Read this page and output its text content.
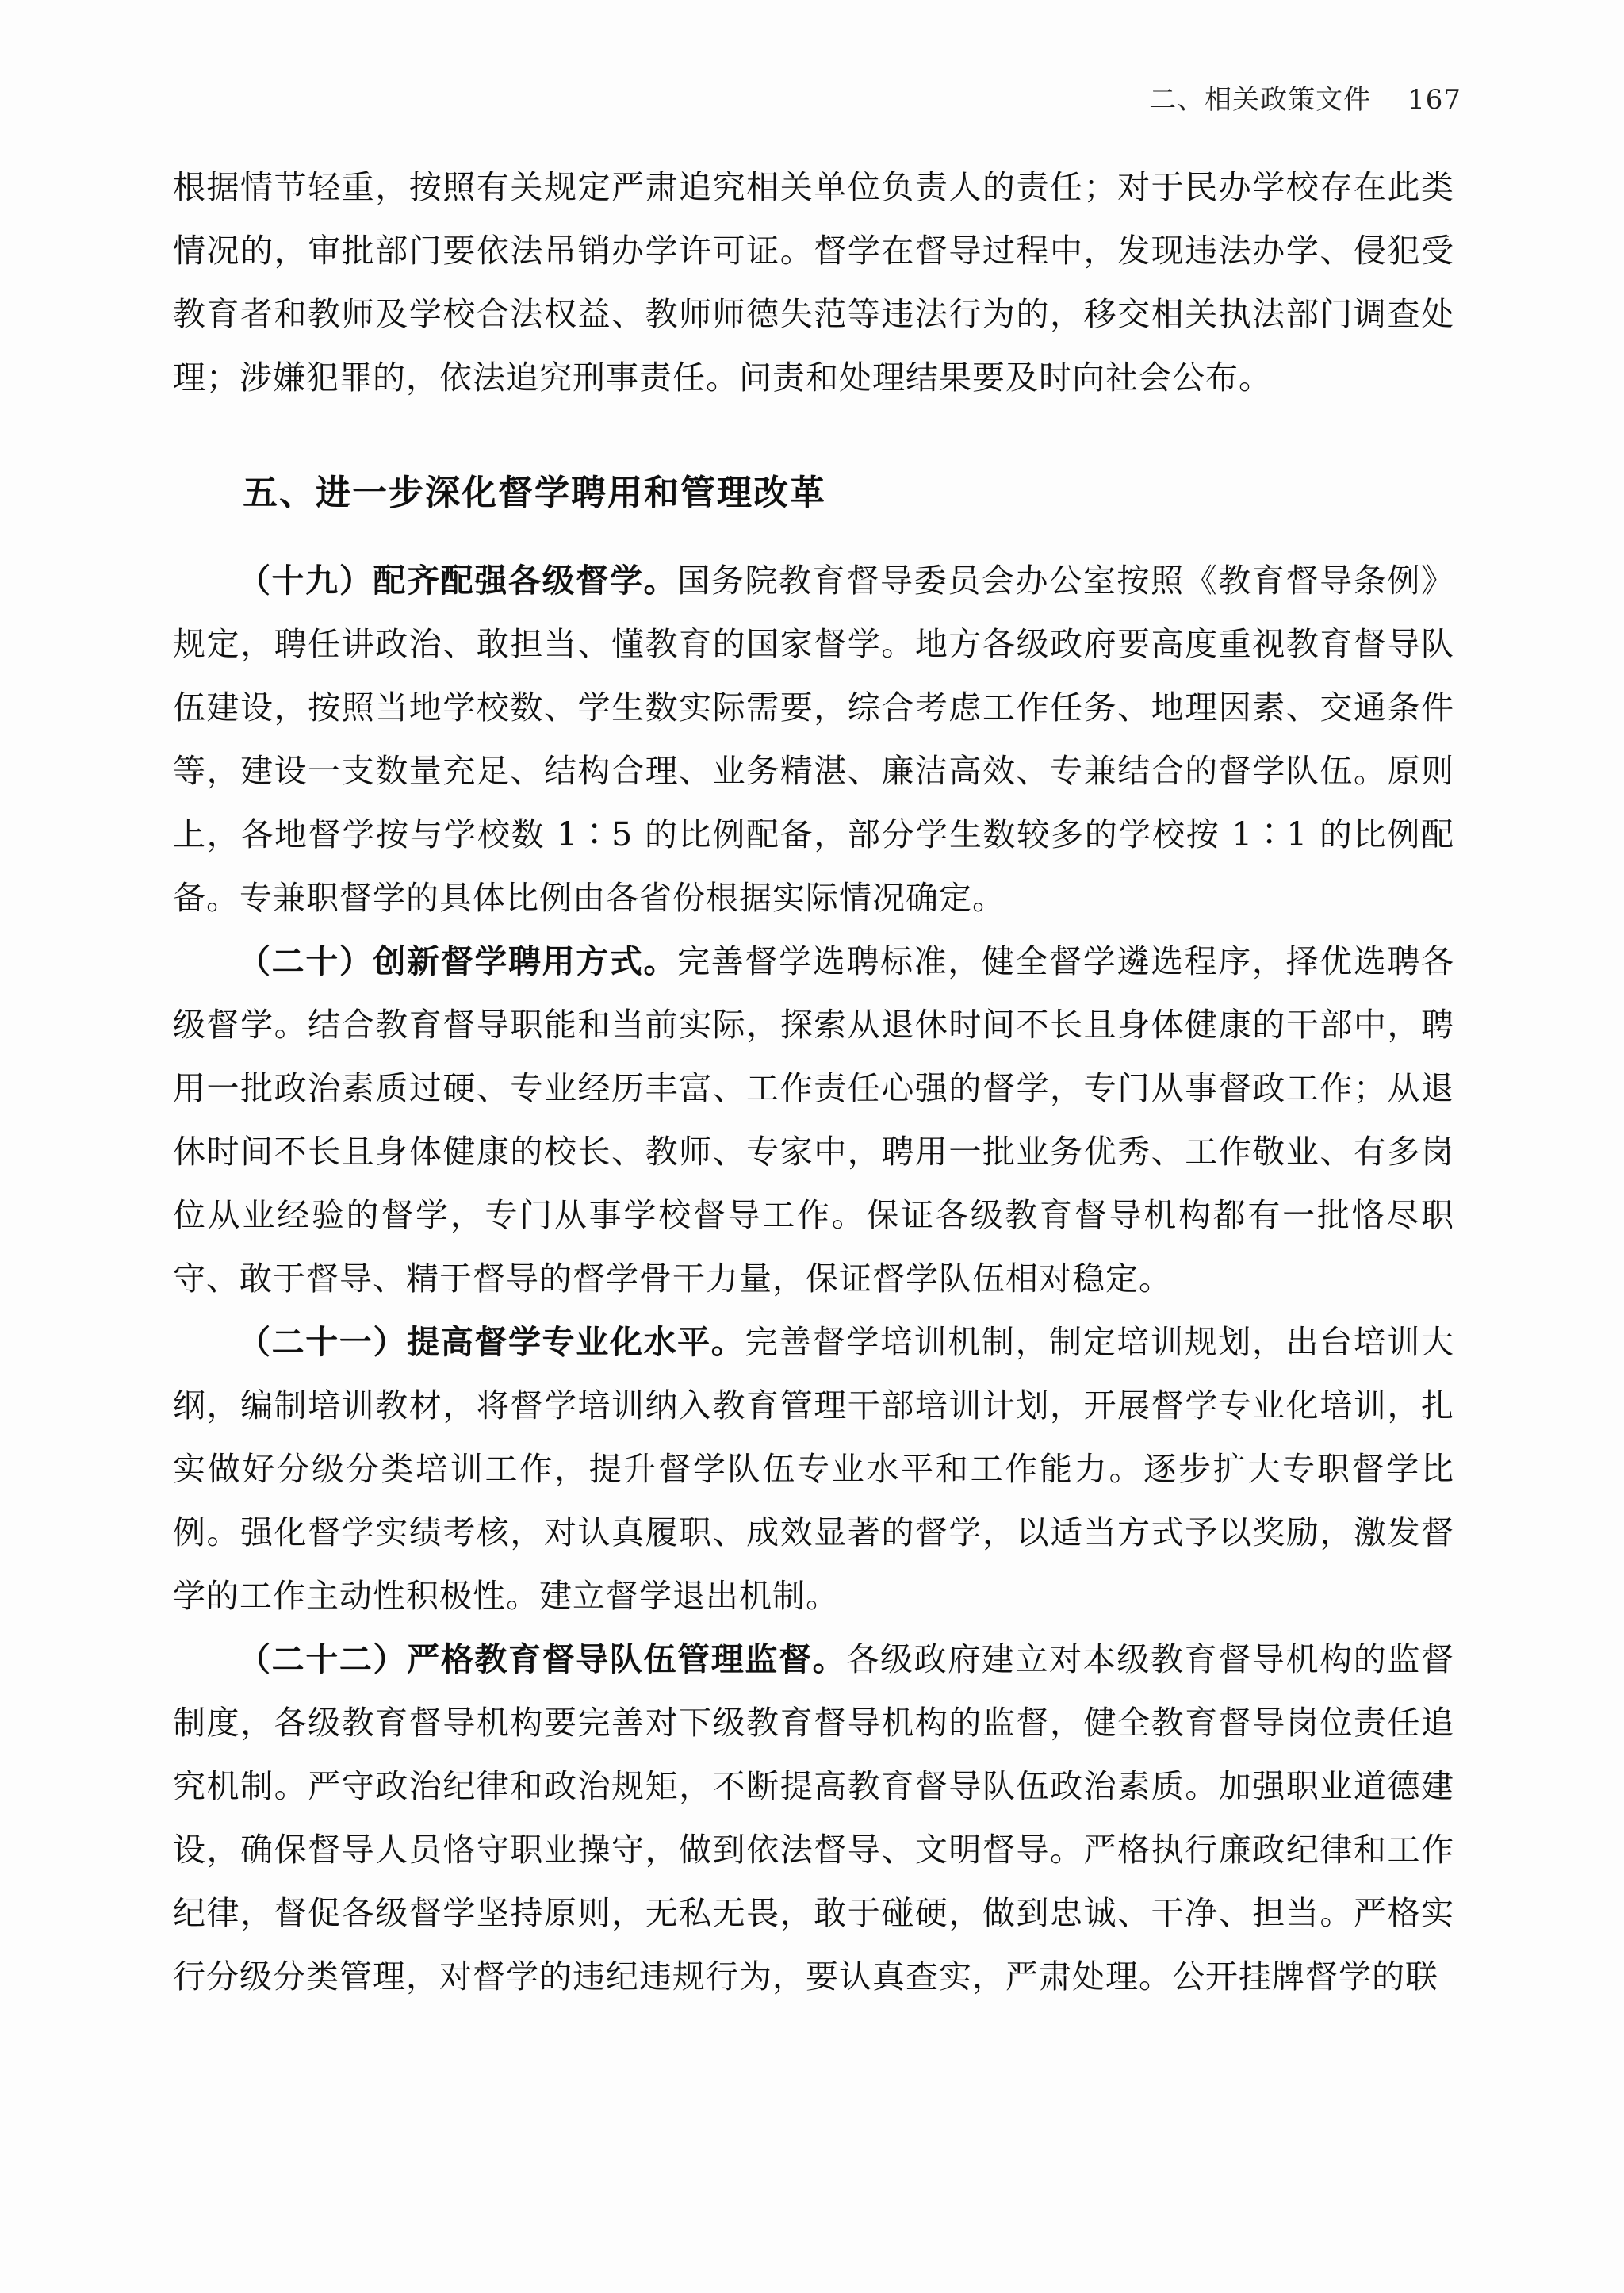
二、相关政策文件 167

根据情节轻重，按照有关规定严肃追究相关单位负责人的责任；对于民办学校存在此类情况的，审批部门要依法吊销办学许可证。督学在督导过程中，发现违法办学、侵犯受教育者和教师及学校合法权益、教师师德失范等违法行为的，移交相关执法部门调查处理；涉嫌犯罪的，依法追究刑事责任。问责和处理结果要及时向社会公布。

五、进一步深化督学聘用和管理改革

（十九）配齐配强各级督学。国务院教育督导委员会办公室按照《教育督导条例》规定，聘任讲政治、敢担当、懂教育的国家督学。地方各级政府要高度重视教育督导队伍建设，按照当地学校数、学生数实际需要，综合考虑工作任务、地理因素、交通条件等，建设一支数量充足、结构合理、业务精湛、廉洁高效、专兼结合的督学队伍。原则上，各地督学按与学校数 1∶5 的比例配备，部分学生数较多的学校按 1∶1 的比例配备。专兼职督学的具体比例由各省份根据实际情况确定。

（二十）创新督学聘用方式。完善督学选聘标准，健全督学遴选程序，择优选聘各级督学。结合教育督导职能和当前实际，探索从退休时间不长且身体健康的干部中，聘用一批政治素质过硬、专业经历丰富、工作责任心强的督学，专门从事督政工作；从退休时间不长且身体健康的校长、教师、专家中，聘用一批业务优秀、工作敬业、有多岗位从业经验的督学，专门从事学校督导工作。保证各级教育督导机构都有一批恪尽职守、敢于督导、精于督导的督学骨干力量，保证督学队伍相对稳定。

（二十一）提高督学专业化水平。完善督学培训机制，制定培训规划，出台培训大纲，编制培训教材，将督学培训纳入教育管理干部培训计划，开展督学专业化培训，扎实做好分级分类培训工作，提升督学队伍专业水平和工作能力。逐步扩大专职督学比例。强化督学实绩考核，对认真履职、成效显著的督学，以适当方式予以奖励，激发督学的工作主动性积极性。建立督学退出机制。

（二十二）严格教育督导队伍管理监督。各级政府建立对本级教育督导机构的监督制度，各级教育督导机构要完善对下级教育督导机构的监督，健全教育督导岗位责任追究机制。严守政治纪律和政治规矩，不断提高教育督导队伍政治素质。加强职业道德建设，确保督导人员恪守职业操守，做到依法督导、文明督导。严格执行廉政纪律和工作纪律，督促各级督学坚持原则，无私无畏，敢于碰硬，做到忠诚、干净、担当。严格实行分级分类管理，对督学的违纪违规行为，要认真查实，严肃处理。公开挂牌督学的联
